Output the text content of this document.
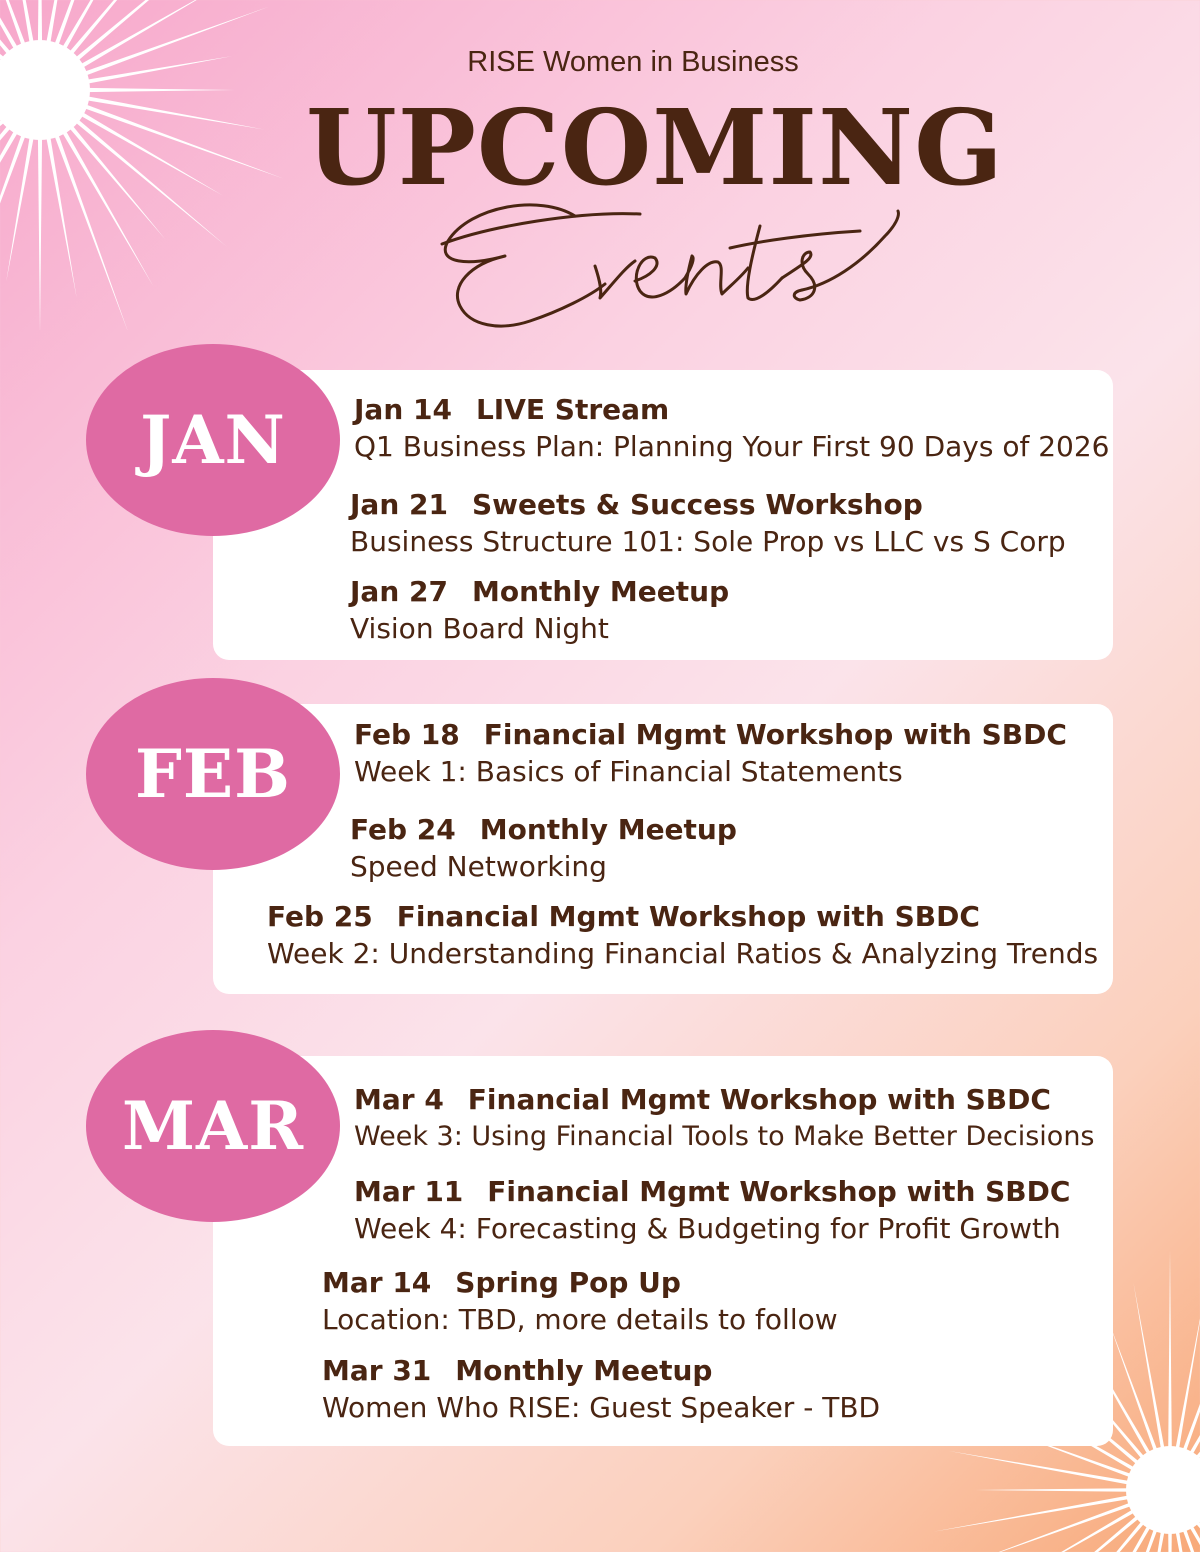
RISE Women in Business
UPCOMING
JAN	Jan 14 LIVE Stream
Q1 Business Plan: Planning Your First 90 Days of 2026
Jan 21 Sweets & Success Workshop
Business Structure 101: Sole Prop vs LLC vs S Corp
Jan 27 Monthly Meetup
Vision Board Night
FEB
Feb 18 Financial Mgmt Workshop with SBDC
Week 1: Basics of Financial Statements
Feb 24 Monthly Meetup
Speed Networking
Feb 25 Financial Mgmt Workshop with SBDC
Week 2: Understanding Financial Ratios & Analyzing Trends
MAR	Mar 4 Financial Mgmt Workshop with SBDC
Week 3: Using Financial Tools to Make Better Decisions
Mar 11 Financial Mgmt Workshop with SBDC
Week 4: Forecasting & Budgeting for Profit Growth
Mar 14 Spring Pop Up
Location: TBD, more details to follow
Mar 31 Monthly Meetup
Women Who RISE: Guest Speaker - TBD
